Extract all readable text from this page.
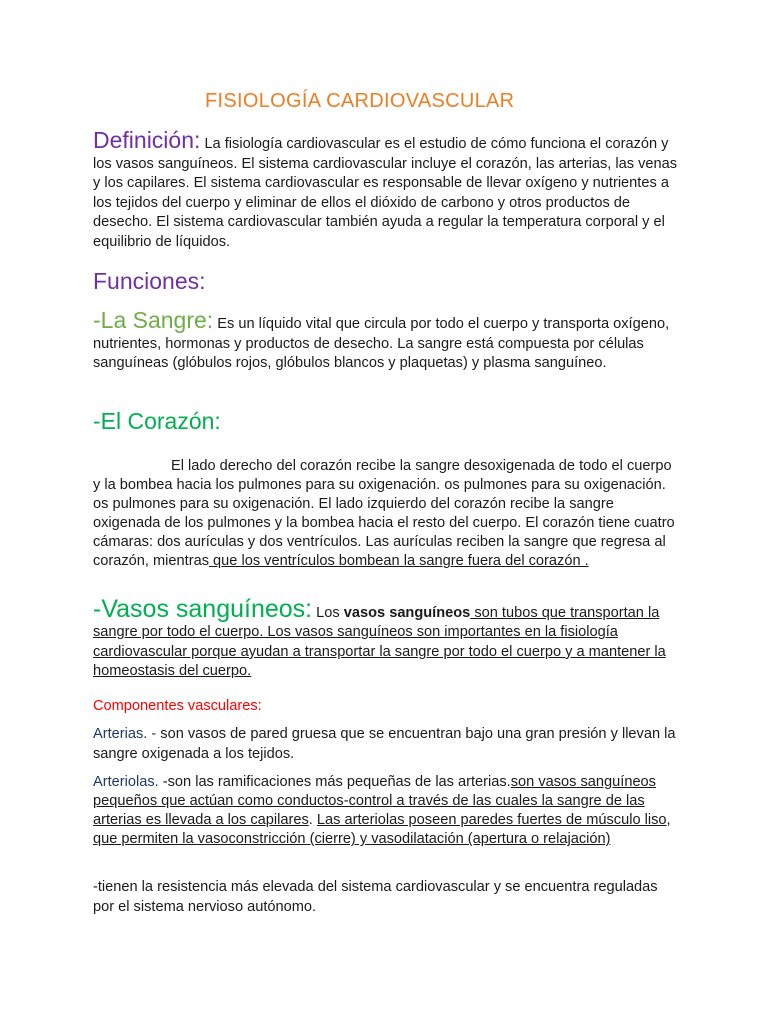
FISIOLOGÍA CARDIOVASCULAR
Definición: La fisiología cardiovascular es el estudio de cómo funciona el corazón y los vasos sanguíneos. El sistema cardiovascular incluye el corazón, las arterias, las venas y los capilares. El sistema cardiovascular es responsable de llevar oxígeno y nutrientes a los tejidos del cuerpo y eliminar de ellos el dióxido de carbono y otros productos de desecho. El sistema cardiovascular también ayuda a regular la temperatura corporal y el equilibrio de líquidos.
Funciones:
-La Sangre: Es un líquido vital que circula por todo el cuerpo y transporta oxígeno, nutrientes, hormonas y productos de desecho. La sangre está compuesta por células sanguíneas (glóbulos rojos, glóbulos blancos y plaquetas) y plasma sanguíneo.
-El Corazón:
El lado derecho del corazón recibe la sangre desoxigenada de todo el cuerpo y la bombea hacia los pulmones para su oxigenación. os pulmones para su oxigenación. os pulmones para su oxigenación. El lado izquierdo del corazón recibe la sangre oxigenada de los pulmones y la bombea hacia el resto del cuerpo. El corazón tiene cuatro cámaras: dos aurículas y dos ventrículos. Las aurículas reciben la sangre que regresa al corazón, mientras que los ventrículos bombean la sangre fuera del corazón .
-Vasos sanguíneos: Los vasos sanguíneos son tubos que transportan la sangre por todo el cuerpo. Los vasos sanguíneos son importantes en la fisiología cardiovascular porque ayudan a transportar la sangre por todo el cuerpo y a mantener la homeostasis del cuerpo.
Componentes vasculares:
Arterias. - son vasos de pared gruesa que se encuentran bajo una gran presión y llevan la sangre oxigenada a los tejidos.
Arteriolas. -son las ramificaciones más pequeñas de las arterias.son vasos sanguíneos pequeños que actúan como conductos-control a través de las cuales la sangre de las arterias es llevada a los capilares. Las arteriolas poseen paredes fuertes de músculo liso, que permiten la vasoconstricción (cierre) y vasodilatación (apertura o relajación)
-tienen la resistencia más elevada del sistema cardiovascular y se encuentra reguladas por el sistema nervioso autónomo.
